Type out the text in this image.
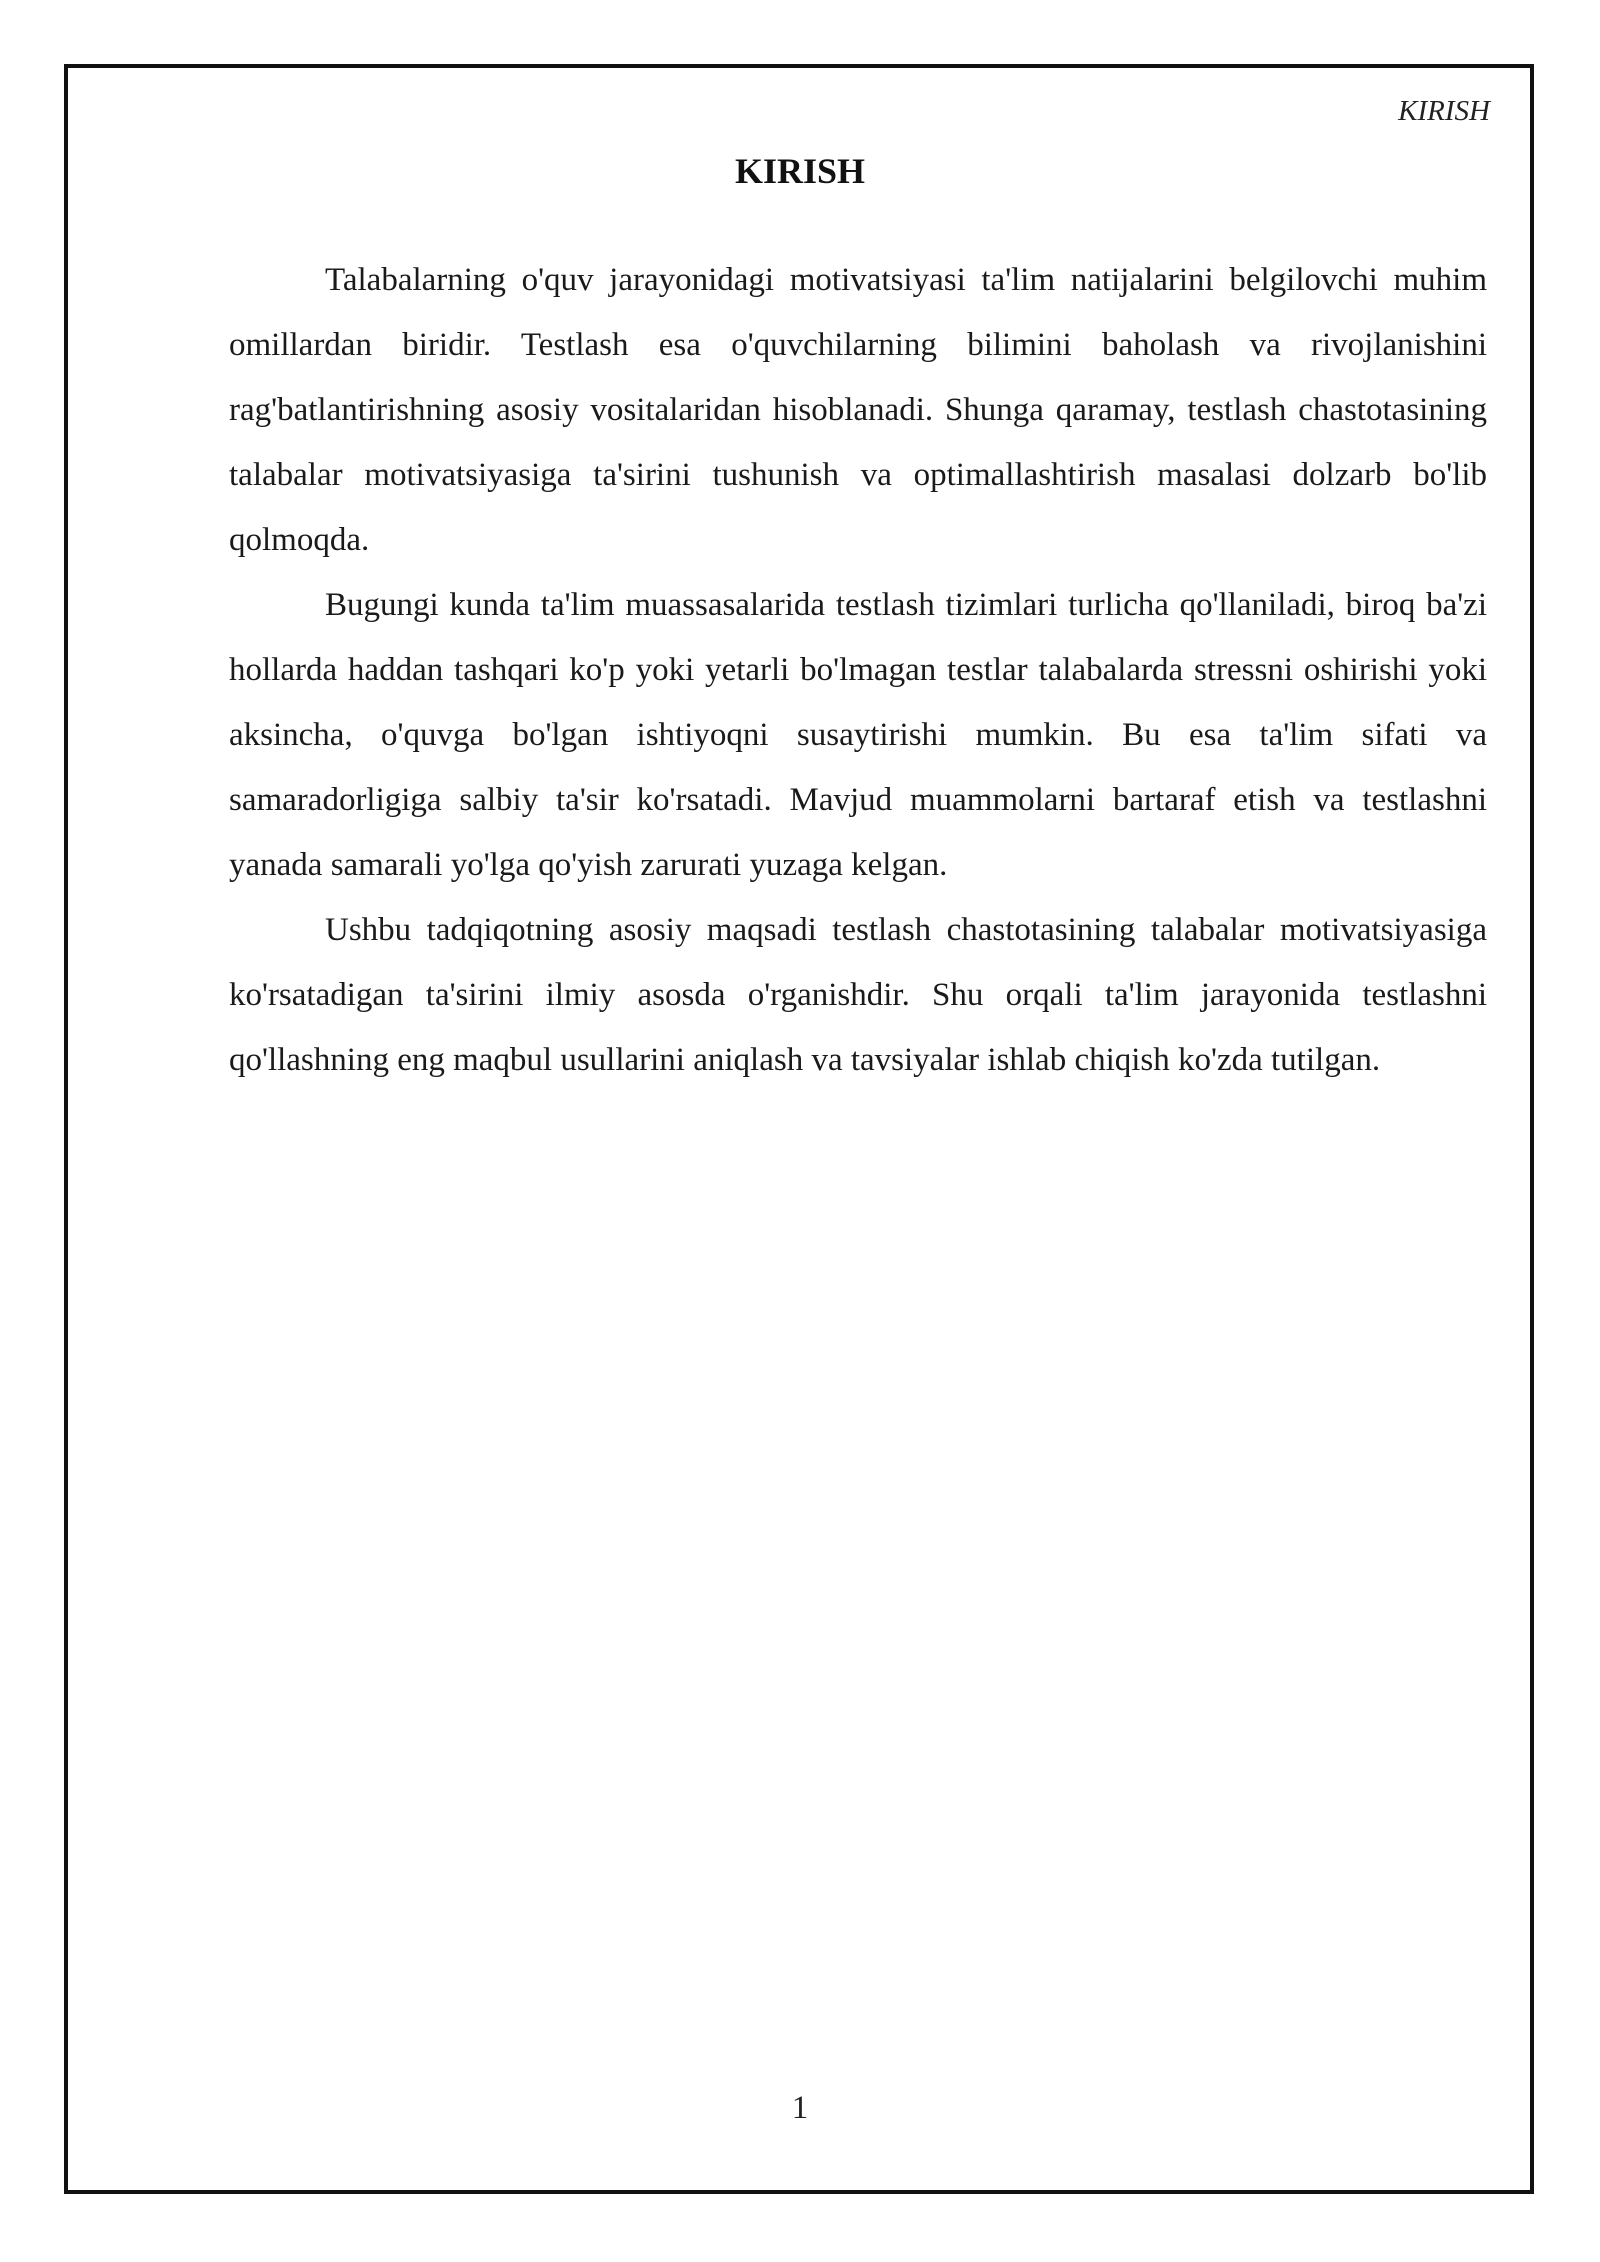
KIRISH
KIRISH

Talabalarning o'quv jarayonidagi motivatsiyasi ta'lim natijalarini belgilovchi muhim omillardan biridir. Testlash esa o'quvchilarning bilimini baholash va rivojlanishini rag'batlantirishning asosiy vositalaridan hisoblanadi. Shunga qaramay, testlash chastotasining talabalar motivatsiyasiga ta'sirini tushunish va optimallashtirish masalasi dolzarb bo'lib qolmoqda.

Bugungi kunda ta'lim muassasalarida testlash tizimlari turlicha qo'llaniladi, biroq ba'zi hollarda haddan tashqari ko'p yoki yetarli bo'lmagan testlar talabalarda stressni oshirishi yoki aksincha, o'quvga bo'lgan ishtiyoqni susaytirishi mumkin. Bu esa ta'lim sifati va samaradorligiga salbiy ta'sir ko'rsatadi. Mavjud muammolarni bartaraf etish va testlashni yanada samarali yo'lga qo'yish zarurati yuzaga kelgan.

Ushbu tadqiqotning asosiy maqsadi testlash chastotasining talabalar motivatsiyasiga ko'rsatadigan ta'sirini ilmiy asosda o'rganishdir. Shu orqali ta'lim jarayonida testlashni qo'llashning eng maqbul usullarini aniqlash va tavsiyalar ishlab chiqish ko'zda tutilgan.

1
